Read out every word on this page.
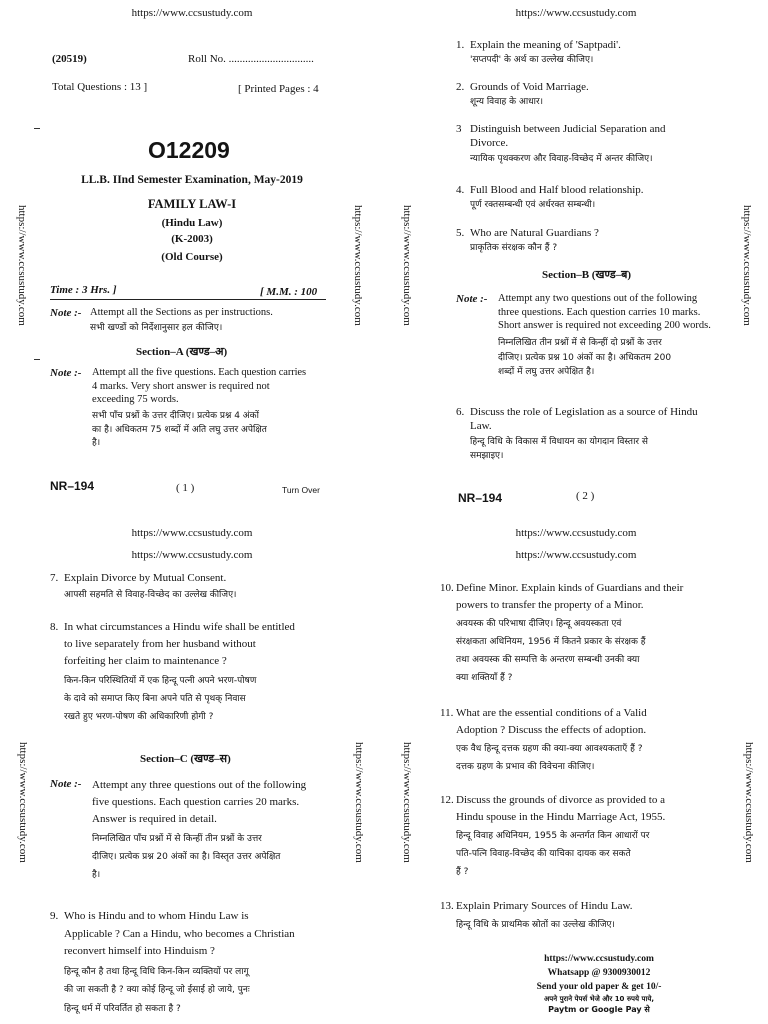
https://www.ccsustudy.com
(20519)	Roll No. ...............................
Total Questions : 13 ]	[ Printed Pages : 4
O12209
LL.B. IInd Semester Examination, May-2019
FAMILY LAW-I
(Hindu Law)
(K-2003)
(Old Course)
Time : 3 Hrs. ]	[ M.M. : 100
Note :- Attempt all the Sections as per instructions.
सभी खण्डों को निर्देशानुसार हल कीजिए।
Section–A (खण्ड–अ)
Note :- Attempt all the five questions. Each question carries
4 marks. Very short answer is required not
exceeding 75 words.
सभी पाँच प्रश्नों के उत्तर दीजिए। प्रत्येक प्रश्न 4 अंकों
का है। अधिकतम 75 शब्दों में अति लघु उत्तर अपेक्षित
है।
NR–194	( 1 )	Turn Over
https://www.ccsustudy.com	https://www.ccsustudy.com
https://www.ccsustudy.com
1. Explain the meaning of 'Saptpadi'.
'सप्तपदी' के अर्थ का उल्लेख कीजिए।
2. Grounds of Void Marriage.
शून्य विवाह के आधार।
3 Distinguish between Judicial Separation and
Divorce.
न्यायिक पृथक्करण और विवाह-विच्छेद में अन्तर कीजिए।
4. Full Blood and Half blood relationship.
पूर्ण रक्तसम्बन्धी एवं अर्धरक्त सम्बन्धी।
5. Who are Natural Guardians ?
प्राकृतिक संरक्षक कौन हैं ?
Section–B (खण्ड–ब)
Note :- Attempt any two questions out of the following
three questions. Each question carries 10 marks.
Short answer is required not exceeding 200 words.
निम्नलिखित तीन प्रश्नों में से किन्हीं दो प्रश्नों के उत्तर
दीजिए। प्रत्येक प्रश्न 10 अंकों का है। अधिकतम 200
शब्दों में लघु उत्तर अपेक्षित है।
6. Discuss the role of Legislation as a source of Hindu
Law.
हिन्दू विधि के विकास में विधायन का योगदान विस्तार से
समझाइए।
NR–194	( 2 )
https://www.ccsustudy.com	https://www.ccsustudy.com
https://www.ccsustudy.com
https://www.ccsustudy.com
7. Explain Divorce by Mutual Consent.
आपसी सहमति से विवाह-विच्छेद का उल्लेख कीजिए।
8. In what circumstances a Hindu wife shall be entitled
to live separately from her husband without
forfeiting her claim to maintenance ?
किन-किन परिस्थितियों में एक हिन्दू पत्नी अपने भरण-पोषण
के दावे को समाप्त किए बिना अपने पति से पृथक् निवास
रखते हुए भरण-पोषण की अधिकारिणी होगी ?
Section–C (खण्ड–स)
Note :- Attempt any three questions out of the following
five questions. Each question carries 20 marks.
Answer is required in detail.
निम्नलिखित पाँच प्रश्नों में से किन्हीं तीन प्रश्नों के उत्तर
दीजिए। प्रत्येक प्रश्न 20 अंकों का है। विस्तृत उत्तर अपेक्षित
है।
9. Who is Hindu and to whom Hindu Law is
Applicable ? Can a Hindu, who becomes a Christian
reconvert himself into Hinduism ?
हिन्दू कौन है तथा हिन्दू विधि किन-किन व्यक्तियों पर लागू
की जा सकती है ? क्या कोई हिन्दू जो ईसाई हो जाये, पुनः
हिन्दू धर्म में परिवर्तित हो सकता है ?
https://www.ccsustudy.com	https://www.ccsustudy.com
https://www.ccsustudy.com
https://www.ccsustudy.com
10. Define Minor. Explain kinds of Guardians and their
powers to transfer the property of a Minor.
अवयस्क की परिभाषा दीजिए। हिन्दू अवयस्कता एवं
संरक्षकता अधिनियम, 1956 में कितने प्रकार के संरक्षक हैं
तथा अवयस्क की सम्पत्ति के अन्तरण सम्बन्धी उनकी क्या
क्या शक्तियाँ हैं ?
11. What are the essential conditions of a Valid
Adoption ? Discuss the effects of adoption.
एक वैध हिन्दू दत्तक ग्रहण की क्या-क्या आवश्यकताएँ हैं ?
दत्तक ग्रहण के प्रभाव की विवेचना कीजिए।
12. Discuss the grounds of divorce as provided to a
Hindu spouse in the Hindu Marriage Act, 1955.
हिन्दू विवाह अधिनियम, 1955 के अन्तर्गत किन आधारों पर
पति-पत्नि विवाह-विच्छेद की याचिका दायक कर सकते
हैं ?
13. Explain Primary Sources of Hindu Law.
हिन्दू विधि के प्राथमिक स्रोतों का उल्लेख कीजिए।
https://www.ccsustudy.com
Whatsapp @ 9300930012
Send your old paper & get 10/-
अपने पुराने पेपर्स भेजे और 10 रुपये पाये,
Paytm or Google Pay से
https://www.ccsustudy.com	https://www.ccsustudy.com
